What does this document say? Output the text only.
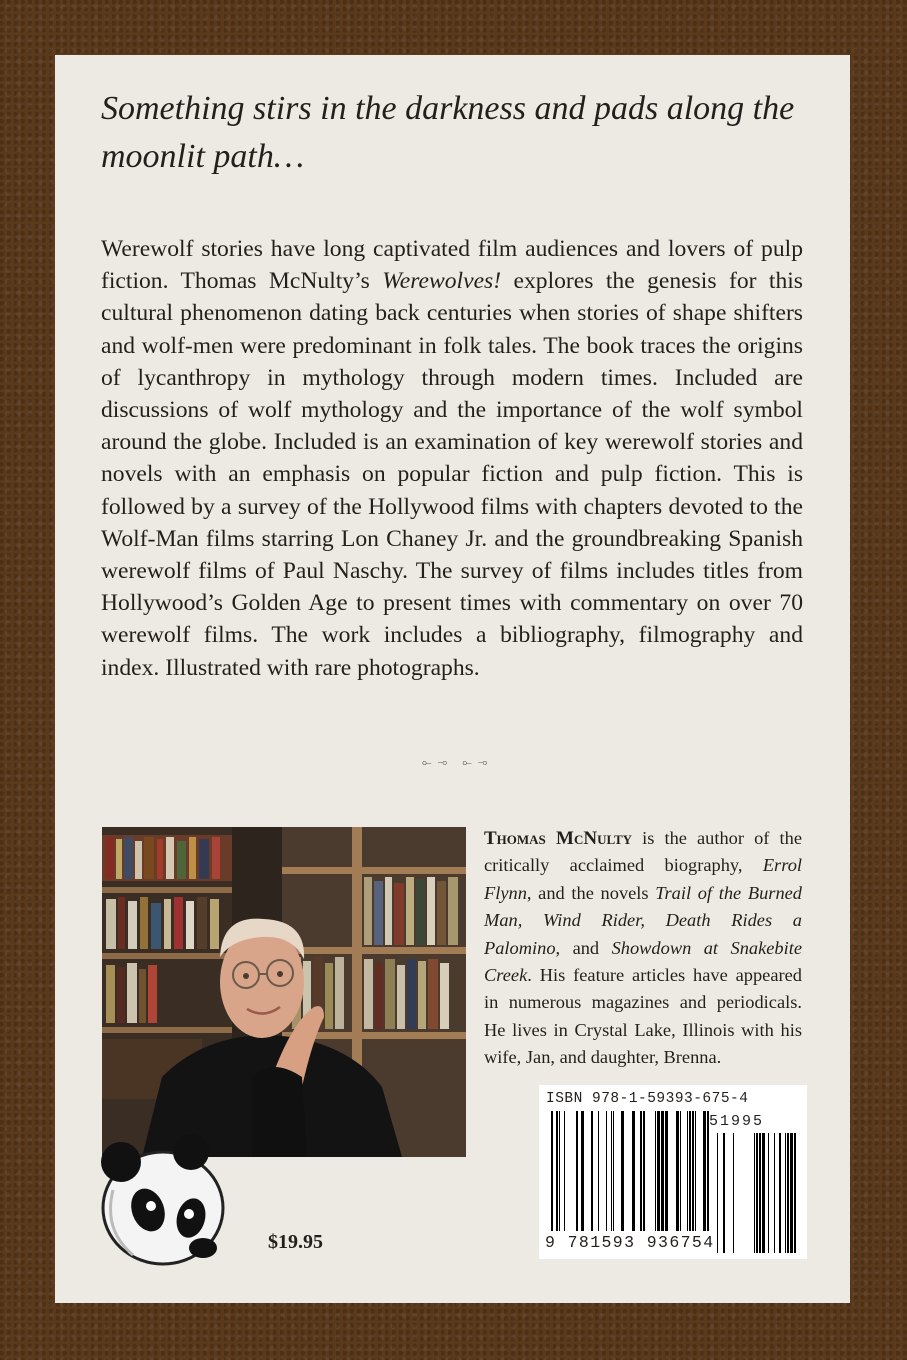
Something stirs in the darkness and pads along the moonlit path…

Werewolf stories have long captivated film audiences and lovers of pulp fiction. Thomas McNulty’s Werewolves! explores the genesis for this cultural phenomenon dating back centuries when stories of shape shifters and wolf-men were predominant in folk tales. The book traces the origins of lycanthropy in mythology through modern times. Included are discussions of wolf mythology and the importance of the wolf symbol around the globe. Included is an examination of key werewolf stories and novels with an emphasis on popular fiction and pulp fiction. This is followed by a survey of the Hollywood films with chapters devoted to the Wolf-Man films starring Lon Chaney Jr. and the groundbreaking Spanish werewolf films of Paul Naschy. The survey of films includes titles from Hollywood’s Golden Age to present times with commentary on over 70 werewolf films. The work includes a bibliography, filmography and index. Illustrated with rare photographs.

⟜⊸ ⟜⊸

Thomas McNulty is the author of the critically acclaimed biography, Errol Flynn, and the novels Trail of the Burned Man, Wind Rider, Death Rides a Palomino, and Showdown at Snakebite Creek. His feature articles have appeared in numerous magazines and periodicals. He lives in Crystal Lake, Illinois with his wife, Jan, and daughter, Brenna.

ISBN 978-1-59393-675-4
51995
9 781593 936754
$19.95
